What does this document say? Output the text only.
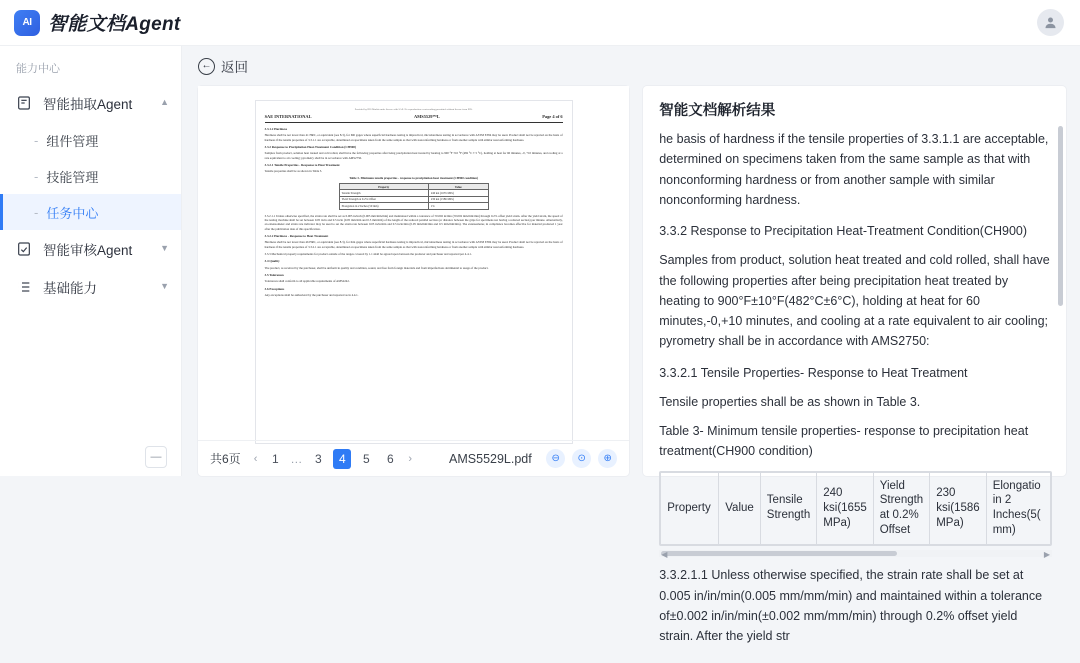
AI 智能文档Agent
能力中心
智能抽取Agent	▲
- 组件管理
- 技能管理
- 任务中心
智能审核Agent	▼
基础能力	▼
—
← 返回
Provided by IHS Markit under license with SAE. No reproduction or networking permitted without license from IHS.
SAE INTERNATIONAL	AMS5529™L	Page 4 of 6
3.3.1.2 Hardness
Hardness shall be not lower than 41 HRC, or equivalent (see 8.3), for Mil gages where superficial hardness testing is impractical, microhardness testing in accordance with ASTM E384 may be used. Product shall not be rejected on the basis of hardness if the tensile properties of 3.3.1.1 are acceptable, determined on specimens taken from the same sample as that with nonconforming hardness or from another sample with similar nonconforming hardness.
3.3.2 Response to Precipitation Heat-Treatment Condition (CH900)
Samples from product, solution heat treated and cold rolled, shall have the following properties after being precipitation heat treated by heating to 900 °F ±10 °F (482 °C ± 5 °C), holding at heat for 60 minutes, -0, +10 minutes, and cooling at a rate equivalent to air cooling; pyrometry shall be in accordance with AMS2750.
3.3.2.1 Tensile Properties - Response to Heat Treatment
Tensile properties shall be as shown in Table 3.
Table 3- Minimum tensile properties - response to precipitation heat treatment (CH900 condition)
Property	Value
Tensile Strength	240 ksi (1655 MPa)
Yield Strength at 0.2% Offset	230 ksi (1586 MPa)
Elongation in 2 Inches (50 mm)	1%
3.3.2.1.1 Unless otherwise specified, the strain rate shall be set as 0.005 in/inch (0.005 mm/mm/min) and maintained within a tolerance of ±0.002 in/min (±0.002 mm/mm/min) through 0.2% offset yield strain. After the yield strain, the speed of the testing machine shall be set between 0.05 in/in and 0.5 in/in (0.05 mm/mm and 0.5 mm/mm) of the length of the reduced parallel section (or distance between the grips for specimens not having a reduced section) per minute. Alternatively, an extensometer and strain rate indicator may be used to set the strain rate between 0.05 in/in/min and 0.5 in/in/min (0.05 mm/mm/min and 0.5 mm/mm/min). The extensometer, in compliance becomes effective for material produced 1 year after the publication date of this specification.
3.3.2.2 Hardness - Response to Heat Treatment
Hardness shall be not lower than 46 HRC, or equivalent (see 8.3), for thin gages where superficial hardness testing is impractical, microhardness testing in accordance with ASTM E384 may be used. Product shall not be rejected on the basis of hardness if the tensile properties of 3.3.2.1 are acceptable, determined on specimens taken from the same sample as that with nonconforming hardness or from another sample with similar nonconforming hardness.
3.3.3 Mechanical property requirements for product outside of the ranges covered by 1.1 shall be agreed upon between the producer and purchaser and reported per 4.4.1.
3.4 Quality
The product, as received by the purchaser, shall be uniform in quality and condition, sound, and free from foreign materials and from imperfections detrimental to usage of the product.
3.5 Tolerances
Tolerances shall conform to all applicable requirements of AMS2242.
3.6 Exceptions
Any exceptions shall be authorized by the purchaser and reported as in 4.4.1.
共6页 ‹	1 … 3	4	5	6	›	AMS5529L.pdf	⊖	⊙	⊕
智能文档解析结果

he basis of hardness if the tensile properties of 3.3.1.1 are acceptable, determined on specimens taken from the same sample as that with nonconforming hardness or from another sample with similar nonconforming hardness.

3.3.2 Response to Precipitation Heat-Treatment Condition(CH900)

Samples from product, solution heat treated and cold rolled, shall have the following properties after being precipitation heat treated by heating to 900°F±10°F(482°C±6°C), holding at heat for 60 minutes,-0,+10 minutes, and cooling at a rate equivalent to air cooling; pyrometry shall be in accordance with AMS2750:

3.3.2.1 Tensile Properties- Response to Heat Treatment

Tensile properties shall be as shown in Table 3.

Table 3- Minimum tensile properties- response to precipitation heat treatment(CH900 condition)

Property	Value	Tensile Strength	240 ksi(1655 MPa)	Yield Strength at 0.2% Offset	230 ksi(1586 MPa)	Elongatio in 2 Inches(5( mm)
◀	▶

3.3.2.1.1 Unless otherwise specified, the strain rate shall be set at 0.005 in/in/min(0.005 mm/mm/min) and maintained within a tolerance of±0.002 in/in/min(±0.002 mm/mm/min) through 0.2% offset yield strain. After the yield str
